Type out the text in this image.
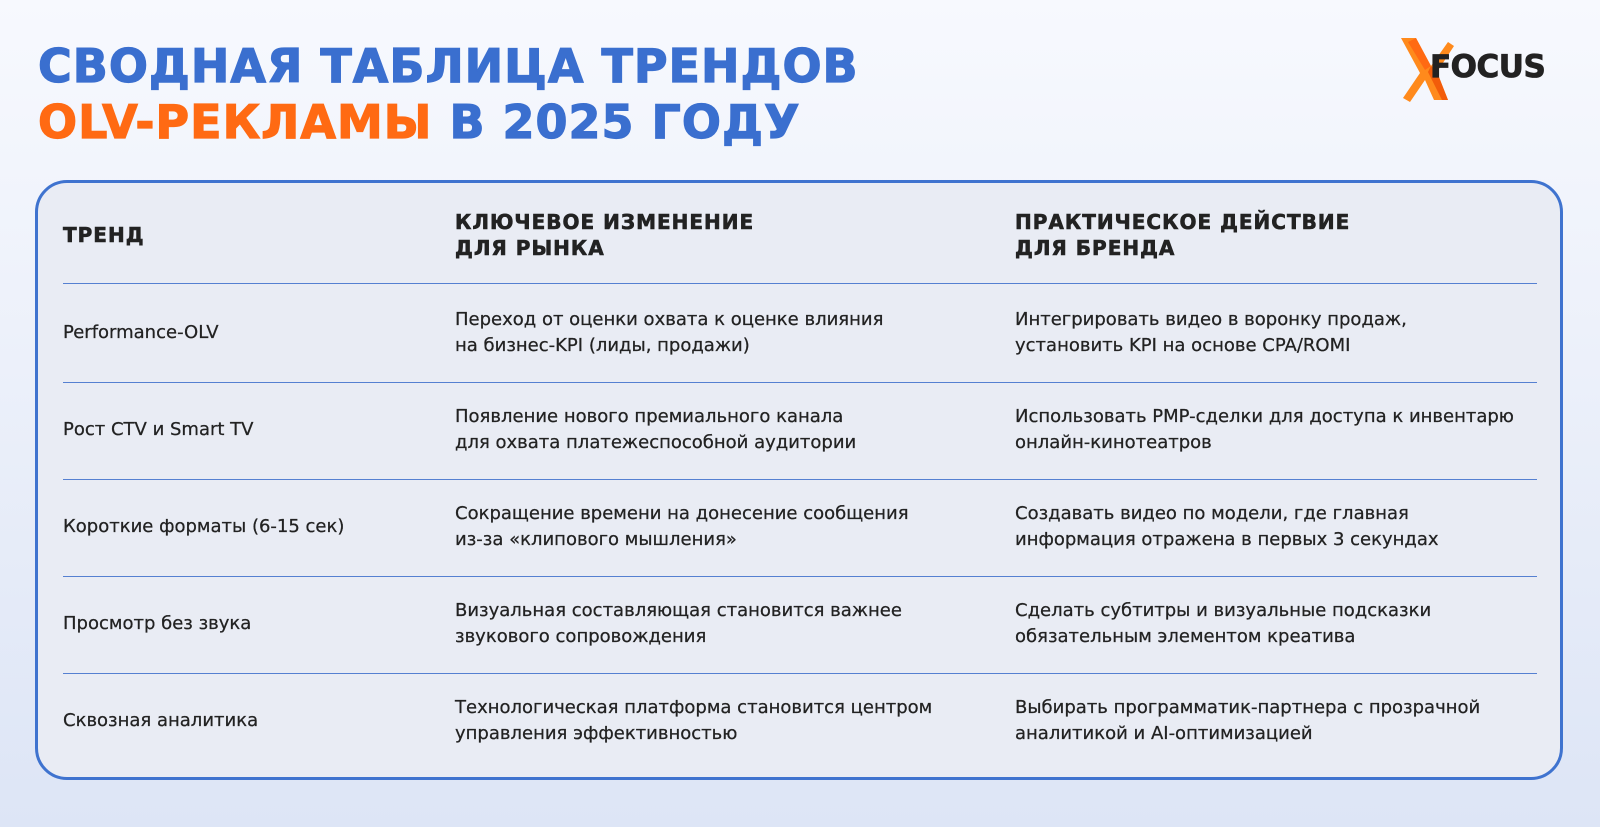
СВОДНАЯ ТАБЛИЦА ТРЕНДОВ
OLV-РЕКЛАМЫ В 2025 ГОДУ
FOCUS
ТРЕНД
КЛЮЧЕВОЕ ИЗМЕНЕНИЕ
ДЛЯ РЫНКА
ПРАКТИЧЕСКОЕ ДЕЙСТВИЕ
ДЛЯ БРЕНДА
Performance-OLV
Переход от оценки охвата к оценке влияния
на бизнес-KPI (лиды, продажи)
Интегрировать видео в воронку продаж,
установить KPI на основе CPA/ROMI
Рост CTV и Smart TV
Появление нового премиального канала
для охвата платежеспособной аудитории
Использовать PMP-сделки для доступа к инвентарю
онлайн-кинотеатров
Короткие форматы (6-15 сек)
Сокращение времени на донесение сообщения
из-за «клипового мышления»
Создавать видео по модели, где главная
информация отражена в первых 3 секундах
Просмотр без звука
Визуальная составляющая становится важнее
звукового сопровождения
Сделать субтитры и визуальные подсказки
обязательным элементом креатива
Сквозная аналитика
Технологическая платформа становится центром
управления эффективностью
Выбирать программатик-партнера с прозрачной
аналитикой и AI-оптимизацией
